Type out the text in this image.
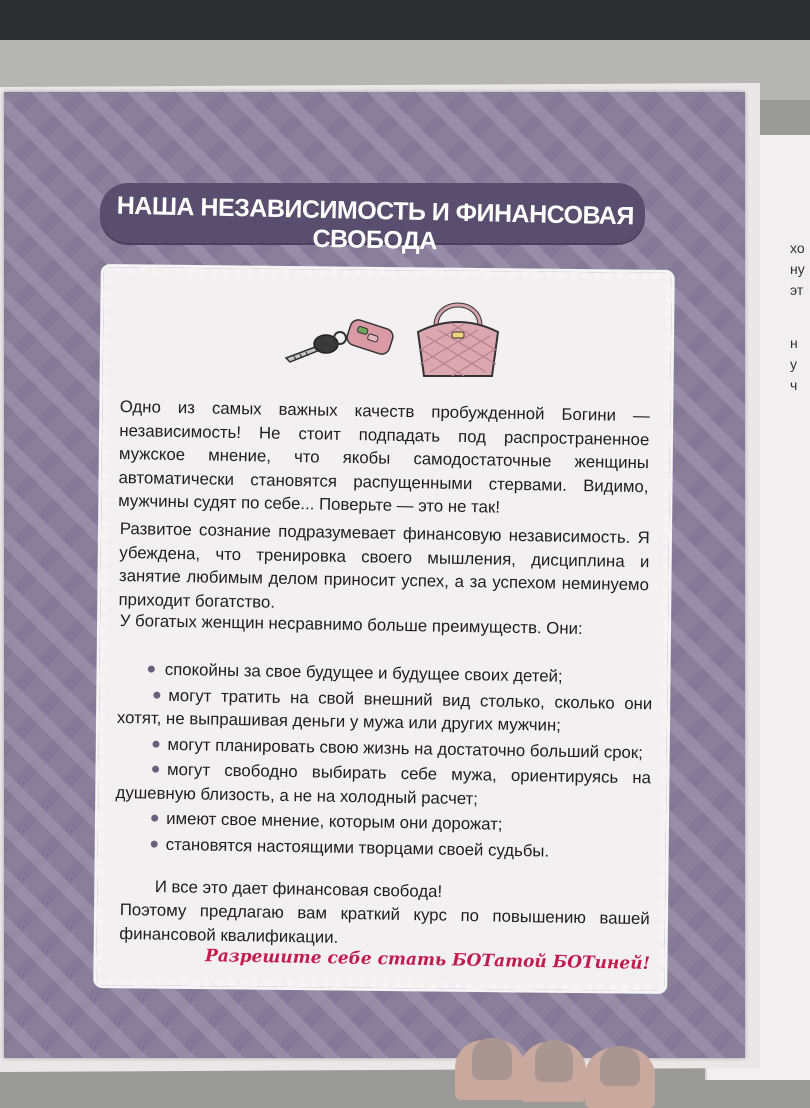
хо
ну
эт
н
у
ч
НАША НЕЗАВИСИМОСТЬ И ФИНАНСОВАЯ СВОБОДА
Одно из самых важных качеств пробужденной Богини — независимость! Не стоит подпадать под распространенное мужское мнение, что якобы самодостаточные женщины автоматически становятся распущенными стервами. Видимо, мужчины судят по себе... Поверьте — это не так!
Развитое сознание подразумевает финансовую независимость. Я убеждена, что тренировка своего мышления, дисциплина и занятие любимым делом приносит успех, а за успехом неминуемо приходит богатство.
У богатых женщин несравнимо больше преимуществ. Они:
спокойны за свое будущее и будущее своих детей;
могут тратить на свой внешний вид столько, сколько они хотят, не выпрашивая деньги у мужа или других мужчин;
могут планировать свою жизнь на достаточно больший срок;
могут свободно выбирать себе мужа, ориентируясь на душевную близость, а не на холодный расчет;
имеют свое мнение, которым они дорожат;
становятся настоящими творцами своей судьбы.
И все это дает финансовая свобода!
Поэтому предлагаю вам краткий курс по повышению вашей финансовой квалификации.
Разрешите себе стать БОТатой БОТиней!
